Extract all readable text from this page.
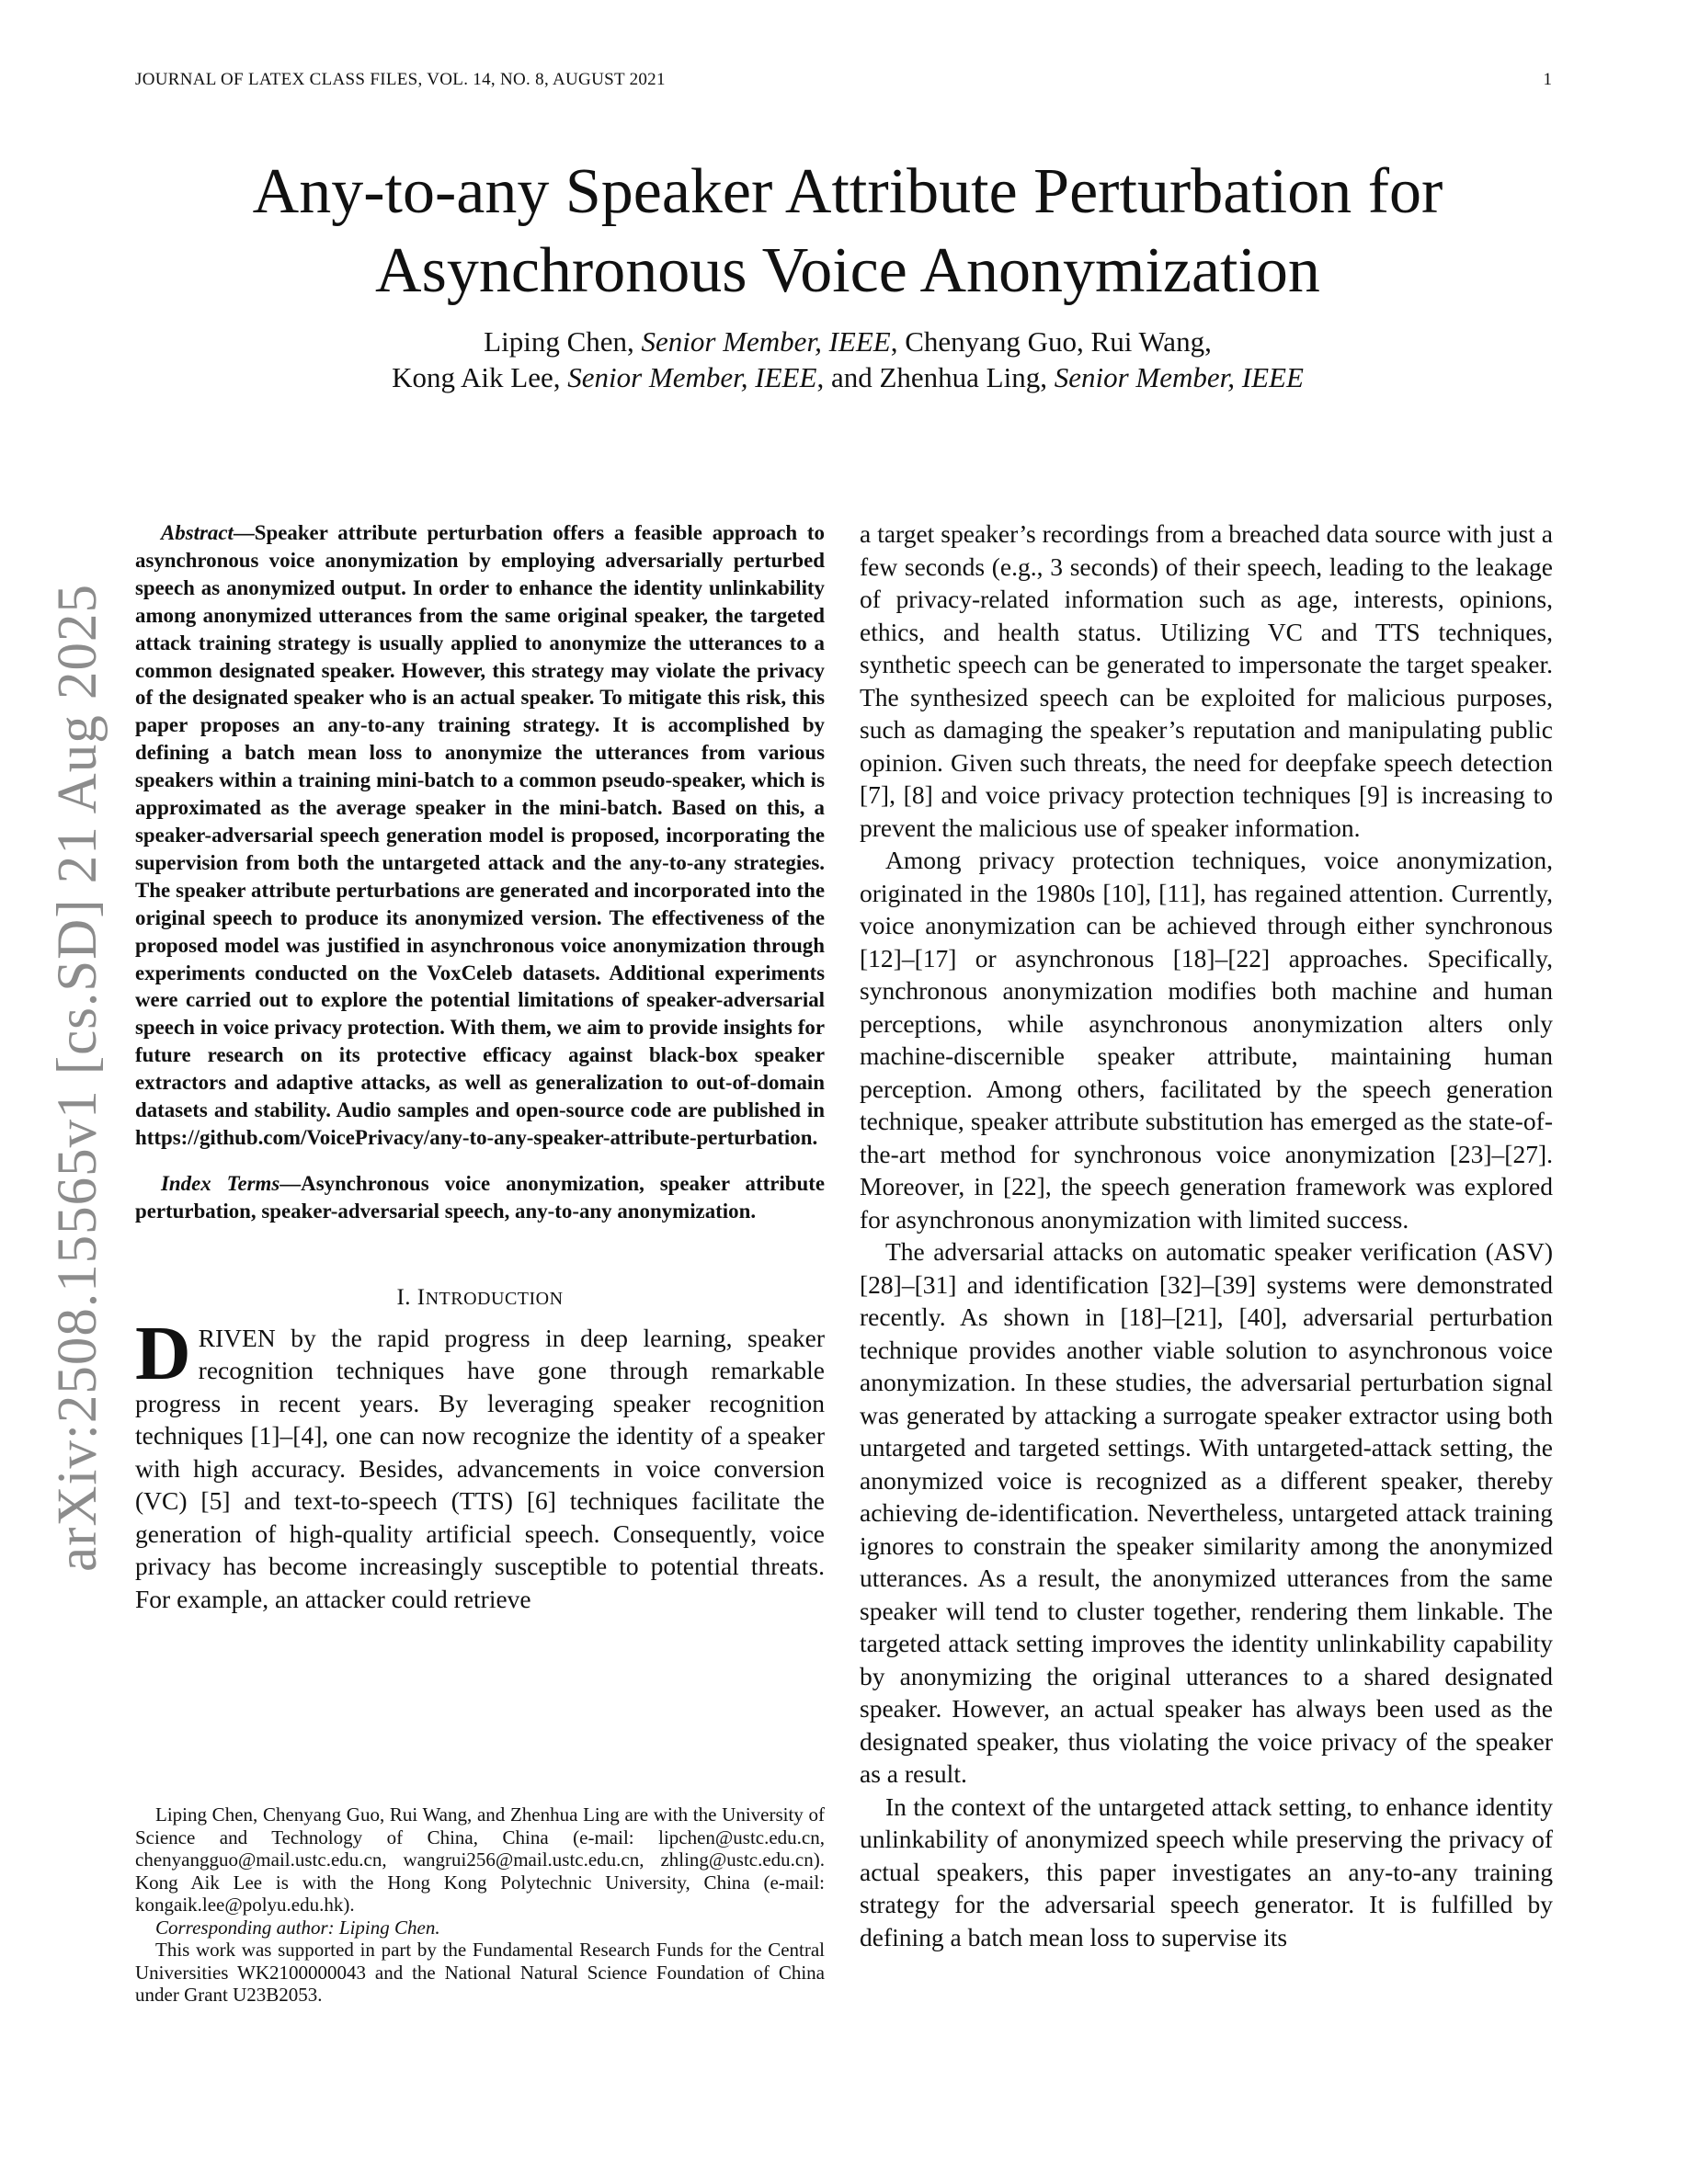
JOURNAL OF LATEX CLASS FILES, VOL. 14, NO. 8, AUGUST 2021	1
arXiv:2508.15565v1 [cs.SD] 21 Aug 2025
Any-to-any Speaker Attribute Perturbation for
Asynchronous Voice Anonymization
Liping Chen, Senior Member, IEEE, Chenyang Guo, Rui Wang,
Kong Aik Lee, Senior Member, IEEE, and Zhenhua Ling, Senior Member, IEEE

Abstract—Speaker attribute perturbation offers a feasible approach to asynchronous voice anonymization by employing adversarially perturbed speech as anonymized output. In order to enhance the identity unlinkability among anonymized utterances from the same original speaker, the targeted attack training strategy is usually applied to anonymize the utterances to a common designated speaker. However, this strategy may violate the privacy of the designated speaker who is an actual speaker. To mitigate this risk, this paper proposes an any-to-any training strategy. It is accomplished by defining a batch mean loss to anonymize the utterances from various speakers within a training mini-batch to a common pseudo-speaker, which is approximated as the average speaker in the mini-batch. Based on this, a speaker-adversarial speech generation model is proposed, incorporating the supervision from both the untargeted attack and the any-to-any strategies. The speaker attribute perturbations are generated and incorporated into the original speech to produce its anonymized version. The effectiveness of the proposed model was justified in asynchronous voice anonymization through experiments conducted on the VoxCeleb datasets. Additional experiments were carried out to explore the potential limitations of speaker-adversarial speech in voice privacy protection. With them, we aim to provide insights for future research on its protective efficacy against black-box speaker extractors and adaptive attacks, as well as generalization to out-of-domain datasets and stability. Audio samples and open-source code are published in https://github.com/VoicePrivacy/any-to-any-speaker-attribute-perturbation.

Index Terms—Asynchronous voice anonymization, speaker attribute perturbation, speaker-adversarial speech, any-to-any anonymization.

I. INTRODUCTION

DRIVEN by the rapid progress in deep learning, speaker recognition techniques have gone through remarkable progress in recent years. By leveraging speaker recognition techniques [1]–[4], one can now recognize the identity of a speaker with high accuracy. Besides, advancements in voice conversion (VC) [5] and text-to-speech (TTS) [6] techniques facilitate the generation of high-quality artificial speech. Consequently, voice privacy has become increasingly susceptible to potential threats. For example, an attacker could retrieve

Liping Chen, Chenyang Guo, Rui Wang, and Zhenhua Ling are with the University of Science and Technology of China, China (e-mail: lipchen@ustc.edu.cn, chenyangguo@mail.ustc.edu.cn, wangrui256@mail.ustc.edu.cn, zhling@ustc.edu.cn). Kong Aik Lee is with the Hong Kong Polytechnic University, China (e-mail: kongaik.lee@polyu.edu.hk).

Corresponding author: Liping Chen.

This work was supported in part by the Fundamental Research Funds for the Central Universities WK2100000043 and the National Natural Science Foundation of China under Grant U23B2053.

a target speaker’s recordings from a breached data source with just a few seconds (e.g., 3 seconds) of their speech, leading to the leakage of privacy-related information such as age, interests, opinions, ethics, and health status. Utilizing VC and TTS techniques, synthetic speech can be generated to impersonate the target speaker. The synthesized speech can be exploited for malicious purposes, such as damaging the speaker’s reputation and manipulating public opinion. Given such threats, the need for deepfake speech detection [7], [8] and voice privacy protection techniques [9] is increasing to prevent the malicious use of speaker information.

Among privacy protection techniques, voice anonymization, originated in the 1980s [10], [11], has regained attention. Currently, voice anonymization can be achieved through either synchronous [12]–[17] or asynchronous [18]–[22] approaches. Specifically, synchronous anonymization modifies both machine and human perceptions, while asynchronous anonymization alters only machine-discernible speaker attribute, maintaining human perception. Among others, facilitated by the speech generation technique, speaker attribute substitution has emerged as the state-of-the-art method for synchronous voice anonymization [23]–[27]. Moreover, in [22], the speech generation framework was explored for asynchronous anonymization with limited success.

The adversarial attacks on automatic speaker verification (ASV) [28]–[31] and identification [32]–[39] systems were demonstrated recently. As shown in [18]–[21], [40], adversarial perturbation technique provides another viable solution to asynchronous voice anonymization. In these studies, the adversarial perturbation signal was generated by attacking a surrogate speaker extractor using both untargeted and targeted settings. With untargeted-attack setting, the anonymized voice is recognized as a different speaker, thereby achieving de-identification. Nevertheless, untargeted attack training ignores to constrain the speaker similarity among the anonymized utterances. As a result, the anonymized utterances from the same speaker will tend to cluster together, rendering them linkable. The targeted attack setting improves the identity unlinkability capability by anonymizing the original utterances to a shared designated speaker. However, an actual speaker has always been used as the designated speaker, thus violating the voice privacy of the speaker as a result.

In the context of the untargeted attack setting, to enhance identity unlinkability of anonymized speech while preserving the privacy of actual speakers, this paper investigates an any-to-any training strategy for the adversarial speech generator. It is fulfilled by defining a batch mean loss to supervise its
